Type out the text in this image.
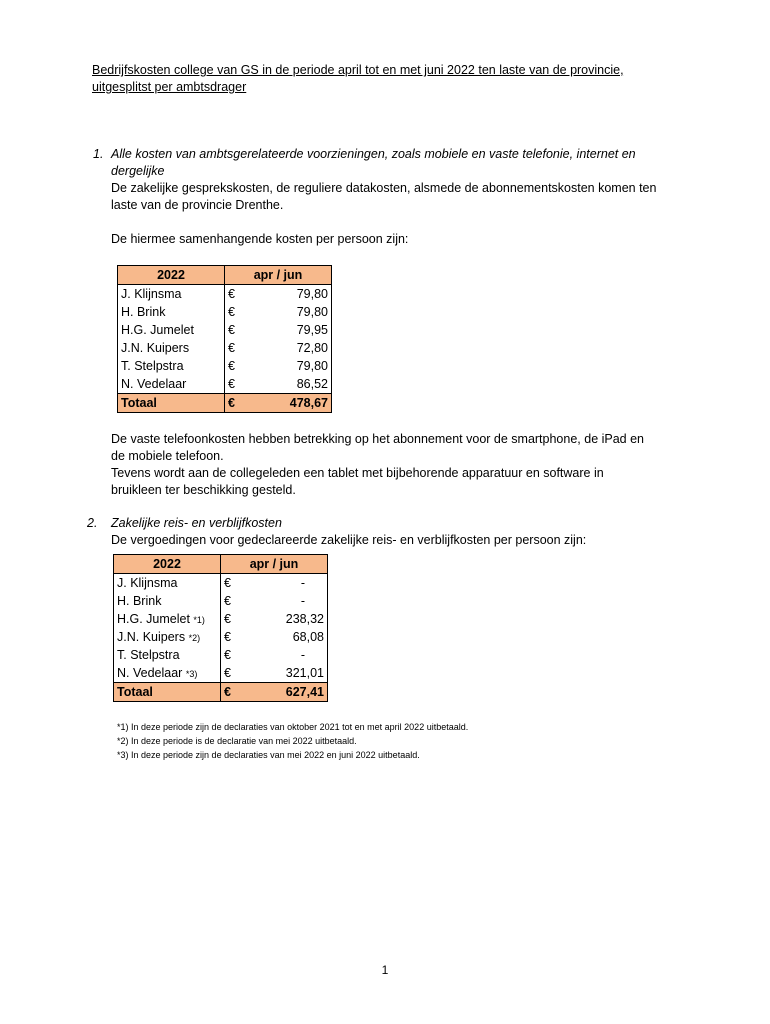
Bedrijfskosten college van GS in de periode april tot en met juni 2022 ten laste van de provincie,
uitgesplitst per ambtsdrager
1. Alle kosten van ambtsgerelateerde voorzieningen, zoals mobiele en vaste telefonie, internet en
dergelijke
De zakelijke gesprekskosten, de reguliere datakosten, alsmede de abonnementskosten komen ten
laste van de provincie Drenthe.
De hiermee samenhangende kosten per persoon zijn:
2022	apr / jun	
J. Klijnsma	€	79,80
H. Brink	€	79,80
H.G. Jumelet	€	79,95
J.N. Kuipers	€	72,80
T. Stelpstra	€	79,80
N. Vedelaar	€	86,52
Totaal	€	478,67
De vaste telefoonkosten hebben betrekking op het abonnement voor de smartphone, de iPad en
de mobiele telefoon.
Tevens wordt aan de collegeleden een tablet met bijbehorende apparatuur en software in
bruikleen ter beschikking gesteld.
2. Zakelijke reis- en verblijfkosten
De vergoedingen voor gedeclareerde zakelijke reis- en verblijfkosten per persoon zijn:
2022	apr / jun	
J. Klijnsma	€	-
H. Brink	€	-
H.G. Jumelet *1)	€	238,32
J.N. Kuipers *2)	€	68,08
T. Stelpstra	€	-
N. Vedelaar *3)	€	321,01
Totaal	€	627,41
*1) In deze periode zijn de declaraties van oktober 2021 tot en met april 2022 uitbetaald.
*2) In deze periode is de declaratie van mei 2022 uitbetaald.
*3) In deze periode zijn de declaraties van mei 2022 en juni 2022 uitbetaald.
1
